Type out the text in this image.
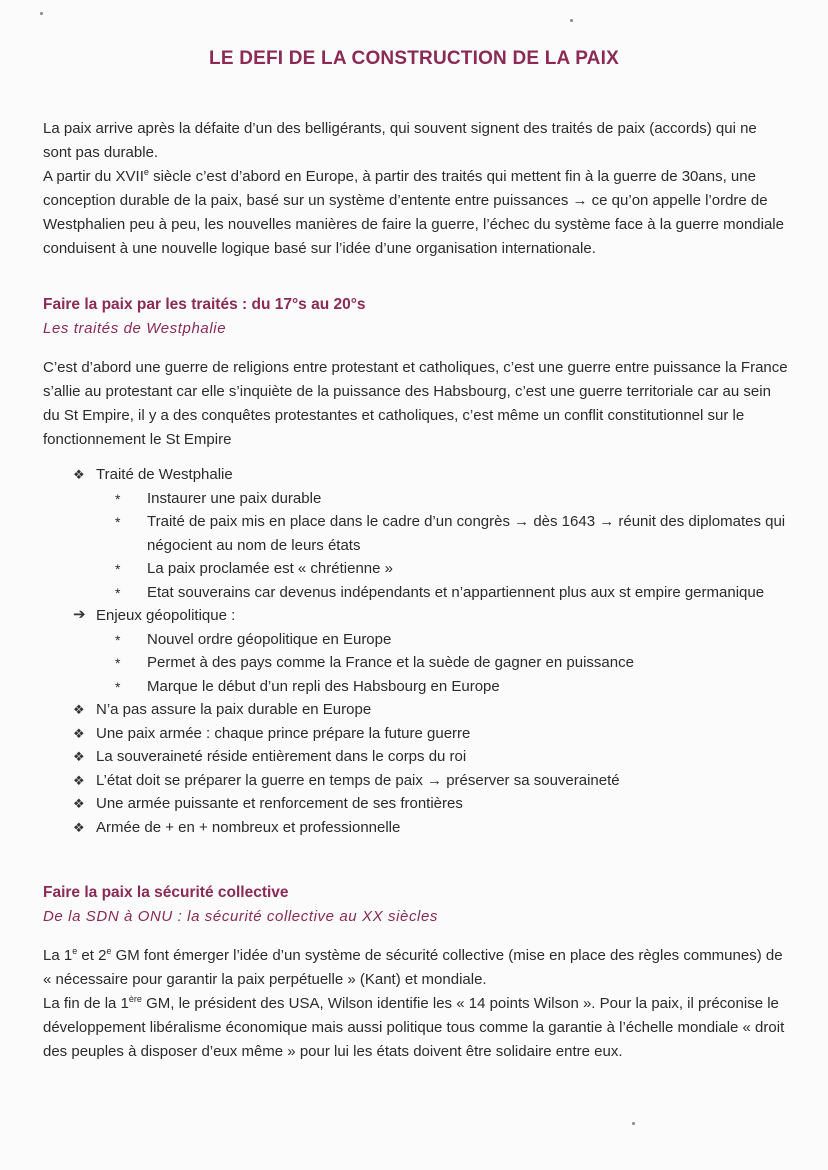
LE DEFI DE LA CONSTRUCTION DE LA PAIX

La paix arrive après la défaite d’un des belligérants, qui souvent signent des traités de paix (accords) qui ne sont pas durable.

A partir du XVIIe siècle c’est d’abord en Europe, à partir des traités qui mettent fin à la guerre de 30ans, une conception durable de la paix, basé sur un système d’entente entre puissances → ce qu’on appelle l’ordre de Westphalien peu à peu, les nouvelles manières de faire la guerre, l’échec du système face à la guerre mondiale conduisent à une nouvelle logique basé sur l’idée d’une organisation internationale.

Faire la paix par les traités : du 17°s au 20°s
Les traités de Westphalie
C’est d’abord une guerre de religions entre protestant et catholiques, c’est une guerre entre puissance la France s’allie au protestant car elle s’inquiète de la puissance des Habsbourg, c’est une guerre territoriale car au sein du St Empire, il y a des conquêtes protestantes et catholiques, c’est même un conflit constitutionnel sur le fonctionnement le St Empire
❖ Traité de Westphalie
* Instaurer une paix durable
* Traité de paix mis en place dans le cadre d’un congrès → dès 1643 → réunit des diplomates qui négocient au nom de leurs états
* La paix proclamée est « chrétienne »
* Etat souverains car devenus indépendants et n’appartiennent plus aux st empire germanique
➔ Enjeux géopolitique :
* Nouvel ordre géopolitique en Europe
* Permet à des pays comme la France et la suède de gagner en puissance
* Marque le début d’un repli des Habsbourg en Europe
❖ N’a pas assure la paix durable en Europe
❖ Une paix armée : chaque prince prépare la future guerre
❖ La souveraineté réside entièrement dans le corps du roi
❖ L’état doit se préparer la guerre en temps de paix → préserver sa souveraineté
❖ Une armée puissante et renforcement de ses frontières
❖ Armée de + en + nombreux et professionnelle
Faire la paix la sécurité collective
De la SDN à ONU : la sécurité collective au XX siècles

La 1e et 2e GM font émerger l’idée d’un système de sécurité collective (mise en place des règles communes) de « nécessaire pour garantir la paix perpétuelle » (Kant) et mondiale.

La fin de la 1ère GM, le président des USA, Wilson identifie les « 14 points Wilson ». Pour la paix, il préconise le développement libéralisme économique mais aussi politique tous comme la garantie à l’échelle mondiale « droit des peuples à disposer d’eux même » pour lui les états doivent être solidaire entre eux.
